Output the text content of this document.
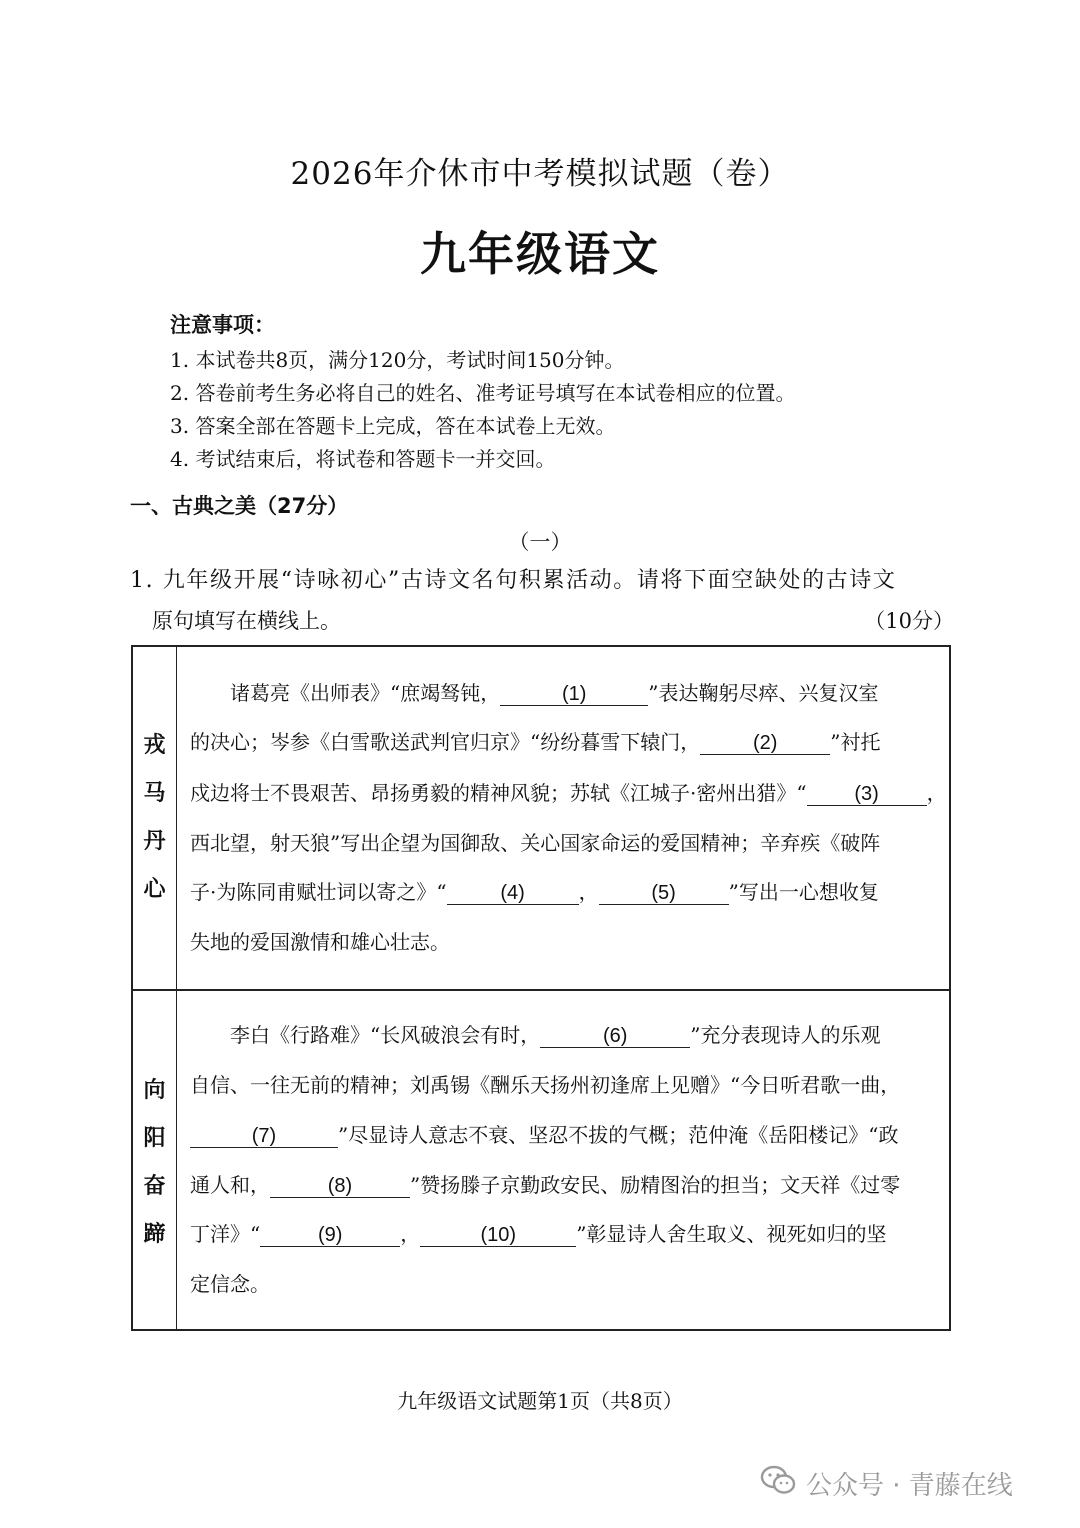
2026年介休市中考模拟试题（卷）
九年级语文
注意事项：
1. 本试卷共8页，满分120分，考试时间150分钟。
2. 答卷前考生务必将自己的姓名、准考证号填写在本试卷相应的位置。
3. 答案全部在答题卡上完成，答在本试卷上无效。
4. 考试结束后，将试卷和答题卡一并交回。
一、古典之美（27分）
（一）
1. 九年级开展“诗咏初心”古诗文名句积累活动。请将下面空缺处的古诗文
原句填写在横线上。	（10分）
戎
马
丹
心
诸葛亮《出师表》“庶竭驽钝，	(1)	”表达鞠躬尽瘁、兴复汉室
的决心；岑参《白雪歌送武判官归京》“纷纷暮雪下辕门，	(2)	”衬托
戍边将士不畏艰苦、昂扬勇毅的精神风貌；苏轼《江城子·密州出猎》“ (3) ，
西北望，射天狼”写出企望为国御敌、关心国家命运的爱国精神；辛弃疾《破阵
子·为陈同甫赋壮词以寄之》“	(4)	，	(5)	”写出一心想收复
失地的爱国激情和雄心壮志。
向
阳
奋
蹄
李白《行路难》“长风破浪会有时，	(6)	”充分表现诗人的乐观
自信、一往无前的精神；刘禹锡《酬乐天扬州初逢席上见赠》“今日听君歌一曲，
(7)	”尽显诗人意志不衰、坚忍不拔的气概；范仲淹《岳阳楼记》“政
通人和，	(8)	”赞扬滕子京勤政安民、励精图治的担当；文天祥《过零
丁洋》“	(9)	，	(10)	”彰显诗人舍生取义、视死如归的坚
定信念。
九年级语文试题第1页（共8页）
公众号 · 青藤在线
